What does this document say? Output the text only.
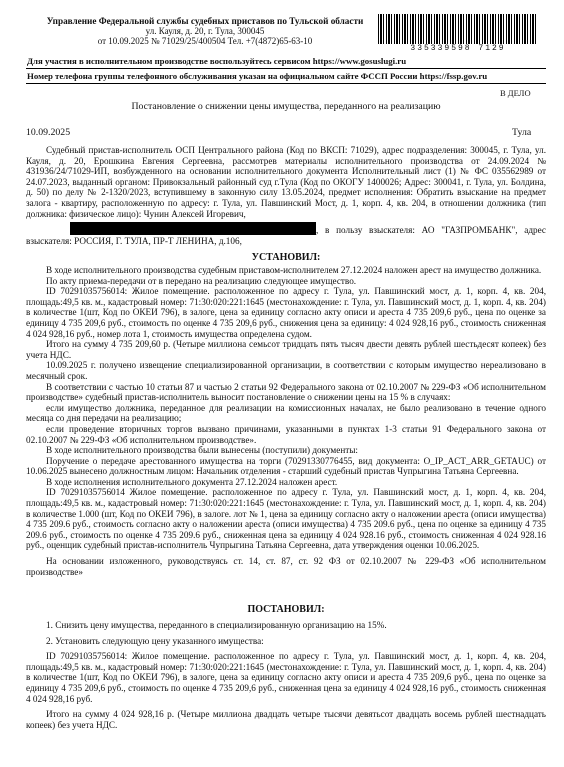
Управление Федеральной службы судебных приставов по Тульской области
ул. Кауля, д. 20, г. Тула, 300045
от 10.09.2025 № 71029/25/400504 Тел. +7(4872)65-63-10
335339598 7129
Для участия в исполнительном производстве воспользуйтесь сервисом https://www.gosuslugi.ru
Номер телефона группы телефонного обслуживания указан на официальном сайте ФССП России https://fssp.gov.ru
В ДЕЛО
Постановление о снижении цены имущества, переданного на реализацию
10.09.2025	Тула
Судебный пристав-исполнитель ОСП Центрального района (Код по ВКСП: 71029), адрес подразделения: 300045, г. Тула, ул. Кауля, д. 20, Ерошкина Евгения Сергеевна, рассмотрев материалы исполнительного производства от 24.09.2024 № 431936/24/71029-ИП, возбужденного на основании исполнительного документа Исполнительный лист (1) № ФС 035562989 от 24.07.2023, выданный органом: Привокзальный районный суд г.Тула (Код по ОКОГУ 1400026; Адрес: 300041, г. Тула, ул. Болдина, д. 50) по делу № 2-1320/2023, вступившему в законную силу 13.05.2024, предмет исполнения: Обратить взыскание на предмет залога - квартиру, расположенную по адресу: г. Тула, ул. Павшинский Мост, д. 1, корп. 4, кв. 204, в отношении должника (тип должника: физическое лицо): Чунин Алексей Игоревич,
, в пользу взыскателя: АО "ГАЗПРОМБАНК", адрес взыскателя: РОССИЯ, Г. ТУЛА, ПР-Т ЛЕНИНА, д.106,
УСТАНОВИЛ:
В ходе исполнительного производства судебным приставом-исполнителем 27.12.2024 наложен арест на имущество должника.
По акту приема-передачи от в передано на реализацию следующее имущество.
ID 70291035756014: Жилое помещение. расположенное по адресу г. Тула, ул. Павшинский мост, д. 1, корп. 4, кв. 204, площадь:49,5 кв. м., кадастровый номер: 71:30:020:221:1645 (местонахождение: г. Тула, ул. Павшинский мост, д. 1, корп. 4, кв. 204) в количестве 1(шт, Код по ОКЕИ 796), в залоге, цена за единицу согласно акту описи и ареста 4 735 209,6 руб., цена по оценке за единицу 4 735 209,6 руб., стоимость по оценке 4 735 209,6 руб., снижения цена за единицу: 4 024 928,16 руб., стоимость сниженная 4 024 928,16 руб., номер лота 1, стоимость имущества определена судом.
Итого на сумму 4 735 209,60 р. (Четыре миллиона семьсот тридцать пять тысяч двести девять рублей шестьдесят копеек) без учета НДС.
10.09.2025 г. получено извещение специализированной организации, в соответствии с которым имущество нереализовано в месячный срок.
В соответствии с частью 10 статьи 87 и частью 2 статьи 92 Федерального закона от 02.10.2007 № 229-ФЗ «Об исполнительном производстве» судебный пристав-исполнитель выносит постановление о снижении цены на 15 % в случаях:
если имущество должника, переданное для реализации на комиссионных началах, не было реализовано в течение одного месяца со дня передачи на реализацию;
если проведение вторичных торгов вызвано причинами, указанными в пунктах 1-3 статьи 91 Федерального закона от 02.10.2007 № 229-ФЗ «Об исполнительном производстве».
В ходе исполнительного производства были вынесены (поступили) документы:
Поручение о передаче арестованного имущества на торги (70291330776455, вид документа: O_IP_ACT_ARR_GETAUC) от 10.06.2025 вынесено должностным лицом: Начальник отделения - старший судебный пристав Чупрыгина Татьяна Сергеевна.
В ходе исполнения исполнительного документа 27.12.2024 наложен арест.
ID 70291035756014 Жилое помещение. расположенное по адресу г. Тула, ул. Павшинский мост, д. 1, корп. 4, кв. 204, площадь:49,5 кв. м., кадастровый номер: 71:30:020:221:1645 (местонахождение: г. Тула, ул. Павшинский мост, д. 1, корп. 4, кв. 204) в количестве 1.000 (шт, Код по ОКЕИ 796), в залоге. лот № 1, цена за единицу согласно акту о наложении ареста (описи имущества) 4 735 209.6 руб., стоимость согласно акту о наложении ареста (описи имущества) 4 735 209.6 руб., цена по оценке за единицу 4 735 209.6 руб., стоимость по оценке 4 735 209.6 руб., сниженная цена за единицу 4 024 928.16 руб., стоимость сниженная 4 024 928.16 руб., оценщик судебный пристав-исполнитель Чупрыгина Татьяна Сергеевна, дата утверждения оценки 10.06.2025.
На основании изложенного, руководствуясь ст. 14, ст. 87, ст. 92 ФЗ от 02.10.2007 № 229-ФЗ «Об исполнительном производстве»
ПОСТАНОВИЛ:
1. Снизить цену имущества, переданного в специализированную организацию на 15%.
2. Установить следующую цену указанного имущества:
ID 70291035756014: Жилое помещение. расположенное по адресу г. Тула, ул. Павшинский мост, д. 1, корп. 4, кв. 204, площадь:49,5 кв. м., кадастровый номер: 71:30:020:221:1645 (местонахождение: г. Тула, ул. Павшинский мост, д. 1, корп. 4, кв. 204) в количестве 1(шт, Код по ОКЕИ 796), в залоге, цена за единицу согласно акту описи и ареста 4 735 209,6 руб., цена по оценке за единицу 4 735 209,6 руб., стоимость по оценке 4 735 209,6 руб., сниженная цена за единицу 4 024 928,16 руб., стоимость сниженная 4 024 928,16 руб.
Итого на сумму 4 024 928,16 р. (Четыре миллиона двадцать четыре тысячи девятьсот двадцать восемь рублей шестнадцать копеек) без учета НДС.
